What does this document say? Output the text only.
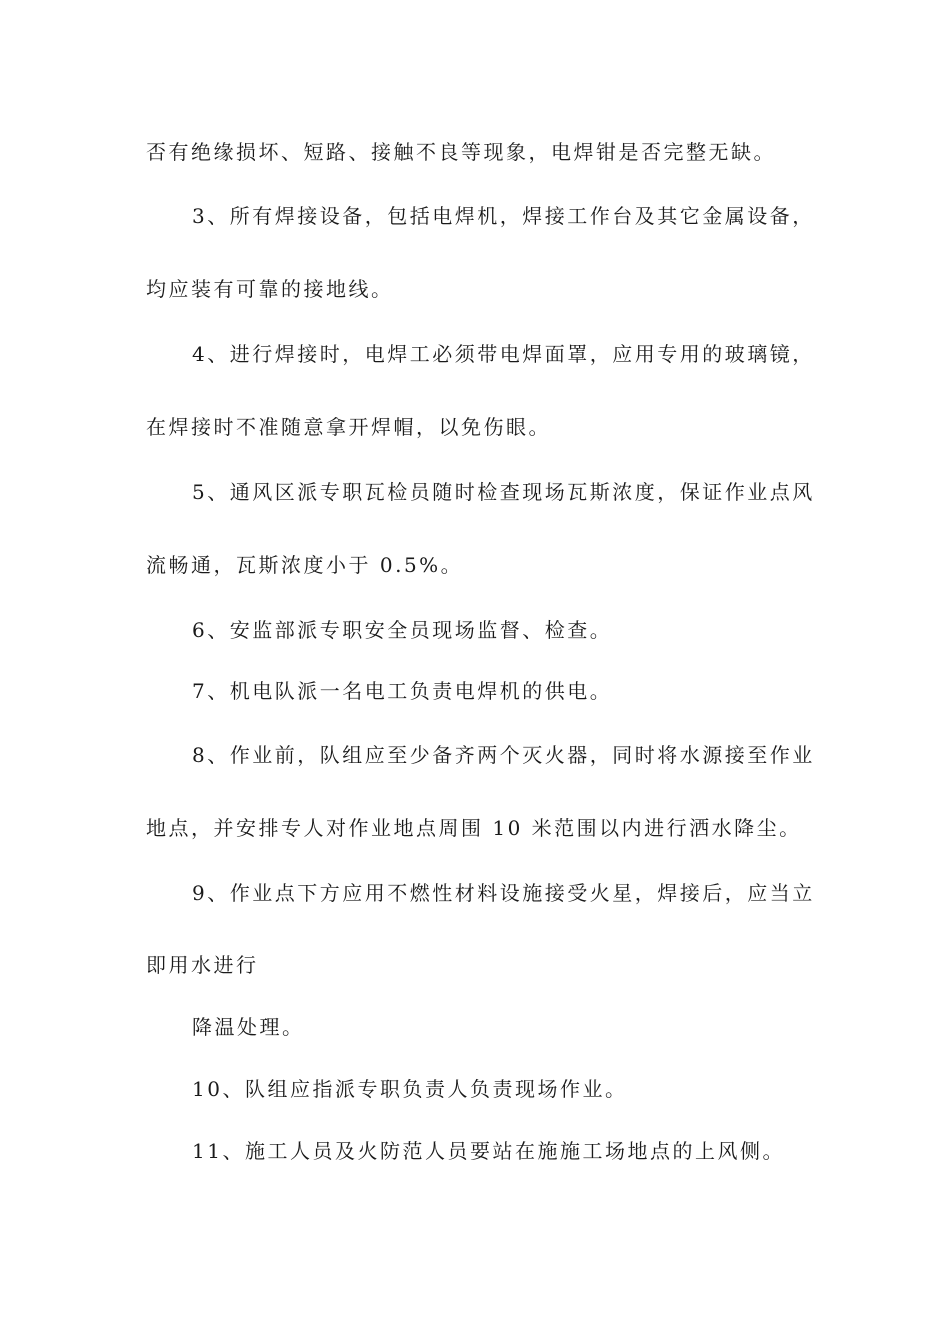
否有绝缘损坏、短路、接触不良等现象，电焊钳是否完整无缺。
3、所有焊接设备，包括电焊机，焊接工作台及其它金属设备，
均应装有可靠的接地线。
4、进行焊接时，电焊工必须带电焊面罩，应用专用的玻璃镜，
在焊接时不准随意拿开焊帽，以免伤眼。
5、通风区派专职瓦检员随时检查现场瓦斯浓度，保证作业点风
流畅通，瓦斯浓度小于 0.5%。
6、安监部派专职安全员现场监督、检查。
7、机电队派一名电工负责电焊机的供电。
8、作业前，队组应至少备齐两个灭火器，同时将水源接至作业
地点，并安排专人对作业地点周围 10 米范围以内进行洒水降尘。
9、作业点下方应用不燃性材料设施接受火星，焊接后，应当立
即用水进行
降温处理。
10、队组应指派专职负责人负责现场作业。
11、施工人员及火防范人员要站在施施工场地点的上风侧。
